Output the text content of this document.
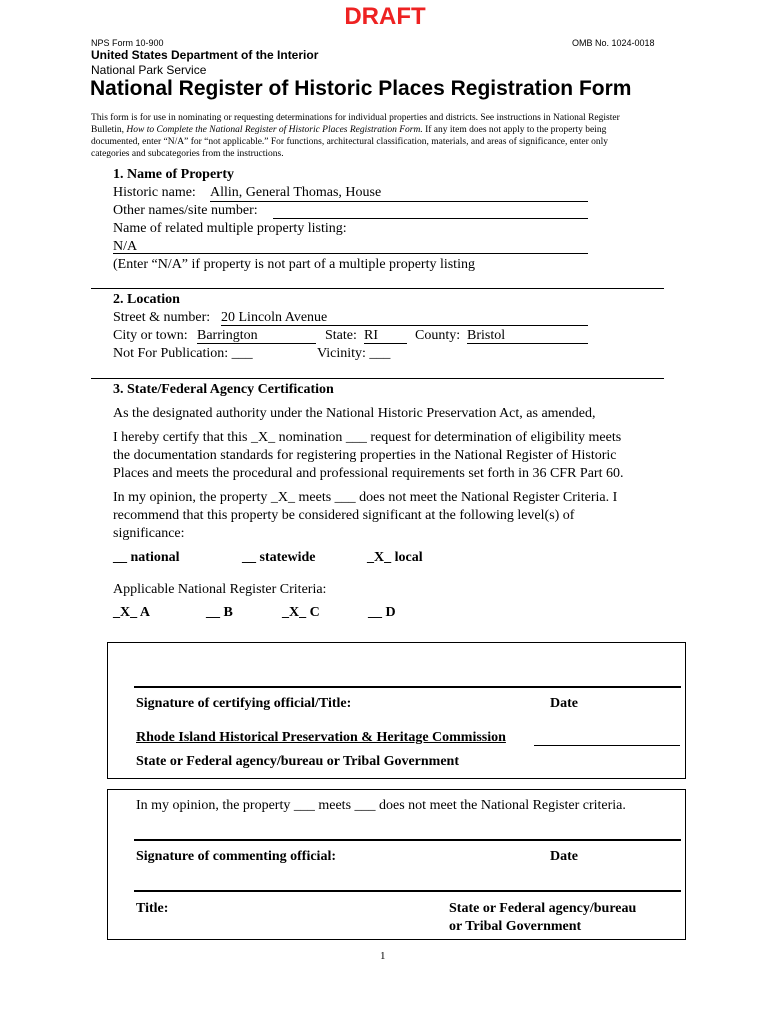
DRAFT
NPS Form 10-900	OMB No. 1024-0018
United States Department of the Interior
National Park Service
National Register of Historic Places Registration Form
This form is for use in nominating or requesting determinations for individual properties and districts. See instructions in National Register
Bulletin, How to Complete the National Register of Historic Places Registration Form. If any item does not apply to the property being
documented, enter “N/A” for “not applicable.” For functions, architectural classification, materials, and areas of significance, enter only
categories and subcategories from the instructions.
1. Name of Property
Historic name: Allin, General Thomas, House
Other names/site number:
Name of related multiple property listing:
N/A
(Enter “N/A” if property is not part of a multiple property listing
2. Location
Street & number: 20 Lincoln Avenue
City or town: Barrington	State: RI	County: Bristol
Not For Publication: ___	Vicinity: ___
3. State/Federal Agency Certification
As the designated authority under the National Historic Preservation Act, as amended,
I hereby certify that this _X_ nomination ___ request for determination of eligibility meets
the documentation standards for registering properties in the National Register of Historic
Places and meets the procedural and professional requirements set forth in 36 CFR Part 60.
In my opinion, the property _X_ meets ___ does not meet the National Register Criteria. I
recommend that this property be considered significant at the following level(s) of
significance:
__ national	__ statewide	_X_ local
Applicable National Register Criteria:
_X_ A	__ B	_X_ C	__ D
Signature of certifying official/Title:	Date
Rhode Island Historical Preservation & Heritage Commission
State or Federal agency/bureau or Tribal Government
In my opinion, the property ___ meets ___ does not meet the National Register criteria.
Signature of commenting official:	Date
Title:	State or Federal agency/bureau
or Tribal Government
1
